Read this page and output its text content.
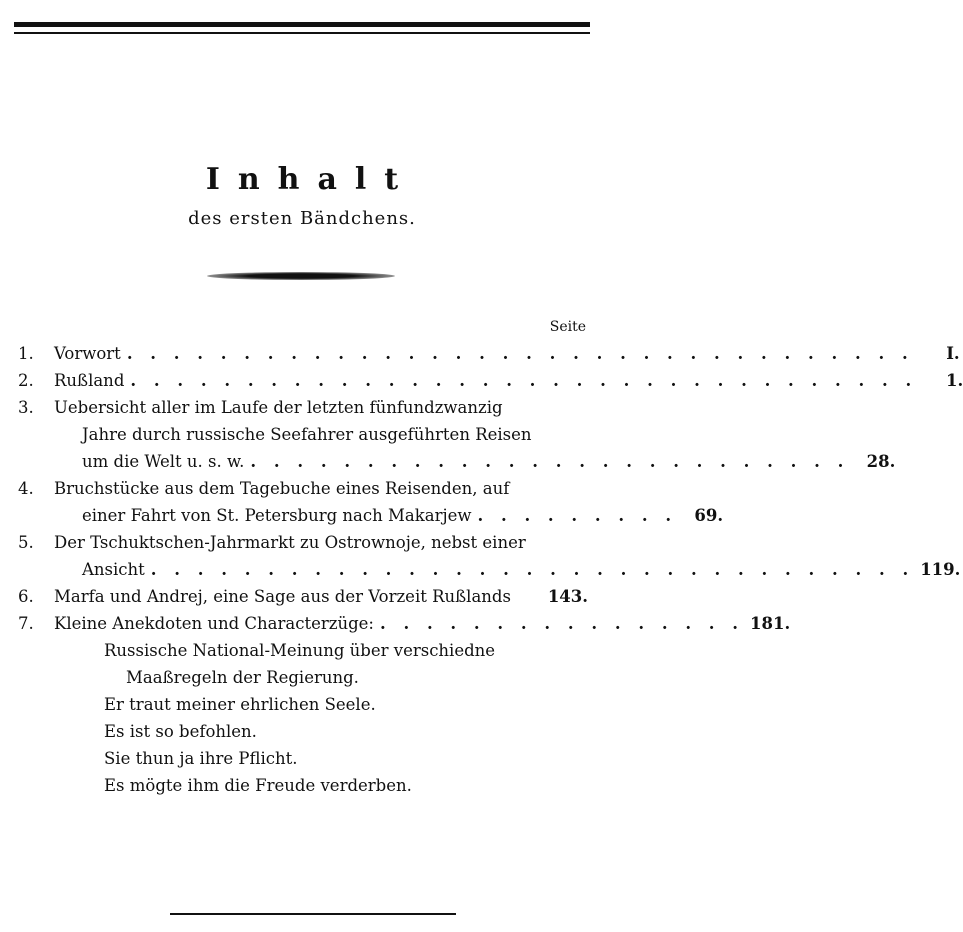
Inhalt
des ersten Bändchens.
Seite
1.	Vorwort . . . . . . . . . . . . . . . . . . . . . . . . . . . . . . . . . .	I.
2.	Rußland . . . . . . . . . . . . . . . . . . . . . . . . . . . . . . . . . .	1.
3.	Uebersicht aller im Laufe der letzten fünfundzwanzig
Jahre durch russische Seefahrer ausgeführten Reisen
um die Welt u. s. w. . . . . . . . . . . . . . . . . . . . . . . . . . .	28.
4.	Bruchstücke aus dem Tagebuche eines Reisenden, auf
einer Fahrt von St. Petersburg nach Makarjew . . . . . . . . .	69.
5.	Der Tschuktschen-Jahrmarkt zu Ostrownoje, nebst einer
Ansicht . . . . . . . . . . . . . . . . . . . . . . . . . . . . . . . . . 119.
6.	Marfa und Andrej, eine Sage aus der Vorzeit Rußlands 143.
7.	Kleine Anekdoten und Characterzüge: . . . . . . . . . . . . . . . . 181.
Russische National-Meinung über verschiedne
Maaßregeln der Regierung.
Er traut meiner ehrlichen Seele.
Es ist so befohlen.
Sie thun ja ihre Pflicht.
Es mögte ihm die Freude verderben.
